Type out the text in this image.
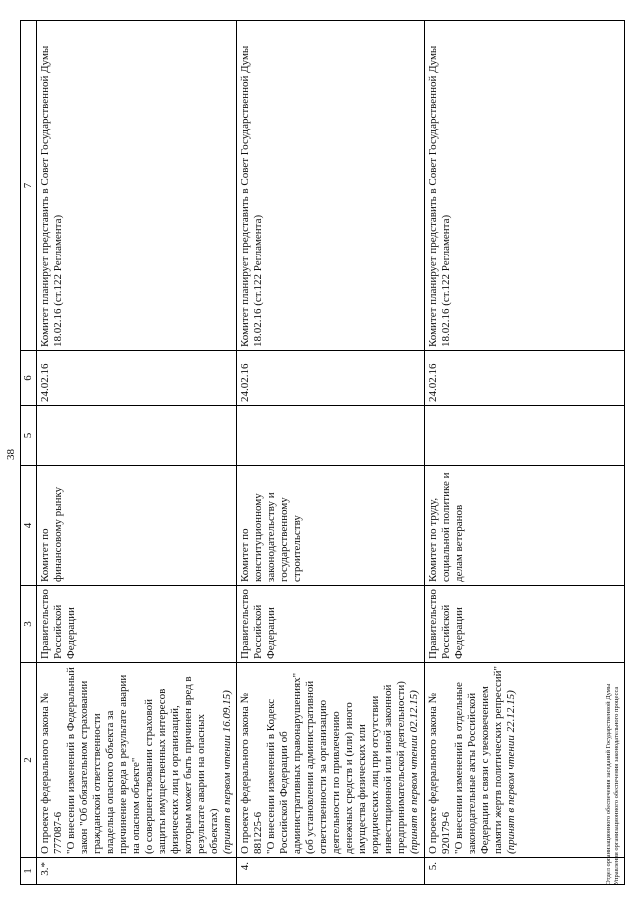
38
1	2	3	4	5	6	7
3.*	О проекте федерального закона № 777087-6 "О внесении изменений в Федеральный закон "Об обязательном страховании гражданской ответственности владельца опасного объекта за причинение вреда в результате аварии на опасном объекте" (о совершенствовании страховой защиты имущественных интересов физических лиц и организаций, которым может быть причинен вред в результате аварии на опасных объектах) (принят в первом чтении 16.09.15)	Правительство Российской Федерации	Комитет по финансовому рынку		24.02.16	Комитет планирует представить в Совет Государственной Думы 18.02.16 (ст.122 Регламента)
4.	О проекте федерального закона № 881225-6 "О внесении изменений в Кодекс Российской Федерации об административных правонарушениях" (об установлении административной ответственности за организацию деятельности по привлечению денежных средств и (или) иного имущества физических или юридических лиц при отсутствии инвестиционной или иной законной предпринимательской деятельности) (принят в первом чтении 02.12.15)	Правительство Российской Федерации	Комитет по конституционному законодательству и государственному строительству		24.02.16	Комитет планирует представить в Совет Государственной Думы 18.02.16 (ст.122 Регламента)
5.	О проекте федерального закона № 920179-6 "О внесении изменений в отдельные законодательные акты Российской Федерации в связи с увековечением памяти жертв политических репрессий" (принят в первом чтении 22.12.15)	Правительство Российской Федерации	Комитет по труду, социальной политике и делам ветеранов		24.02.16	Комитет планирует представить в Совет Государственной Думы 18.02.16 (ст.122 Регламента)
Отдел организационного обеспечения заседаний Государственной Думы Управления организационного обеспечения законодательного процесса
